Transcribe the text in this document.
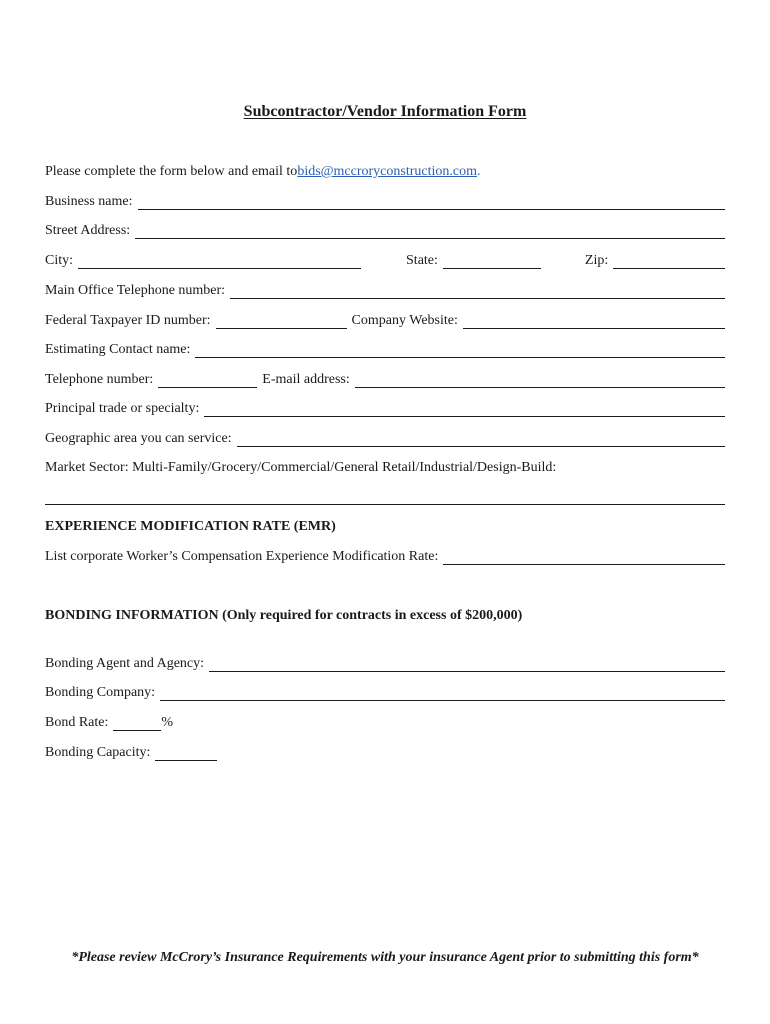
Subcontractor/Vendor Information Form
Please complete the form below and email to bids@mccroryconstruction.com .
Business name:
Street Address:
City:	State:	Zip:
Main Office Telephone number:
Federal Taxpayer ID number:	Company Website:
Estimating Contact name:
Telephone number:	E-mail address:
Principal trade or specialty:
Geographic area you can service:
Market Sector: Multi-Family/Grocery/Commercial/General Retail/Industrial/Design-Build:
EXPERIENCE MODIFICATION RATE (EMR)
List corporate Worker’s Compensation Experience Modification Rate:
BONDING INFORMATION (Only required for contracts in excess of $200,000)
Bonding Agent and Agency:
Bonding Company:
Bond Rate:	%
Bonding Capacity:
*Please review McCrory’s Insurance Requirements with your insurance Agent prior to submitting this form*
